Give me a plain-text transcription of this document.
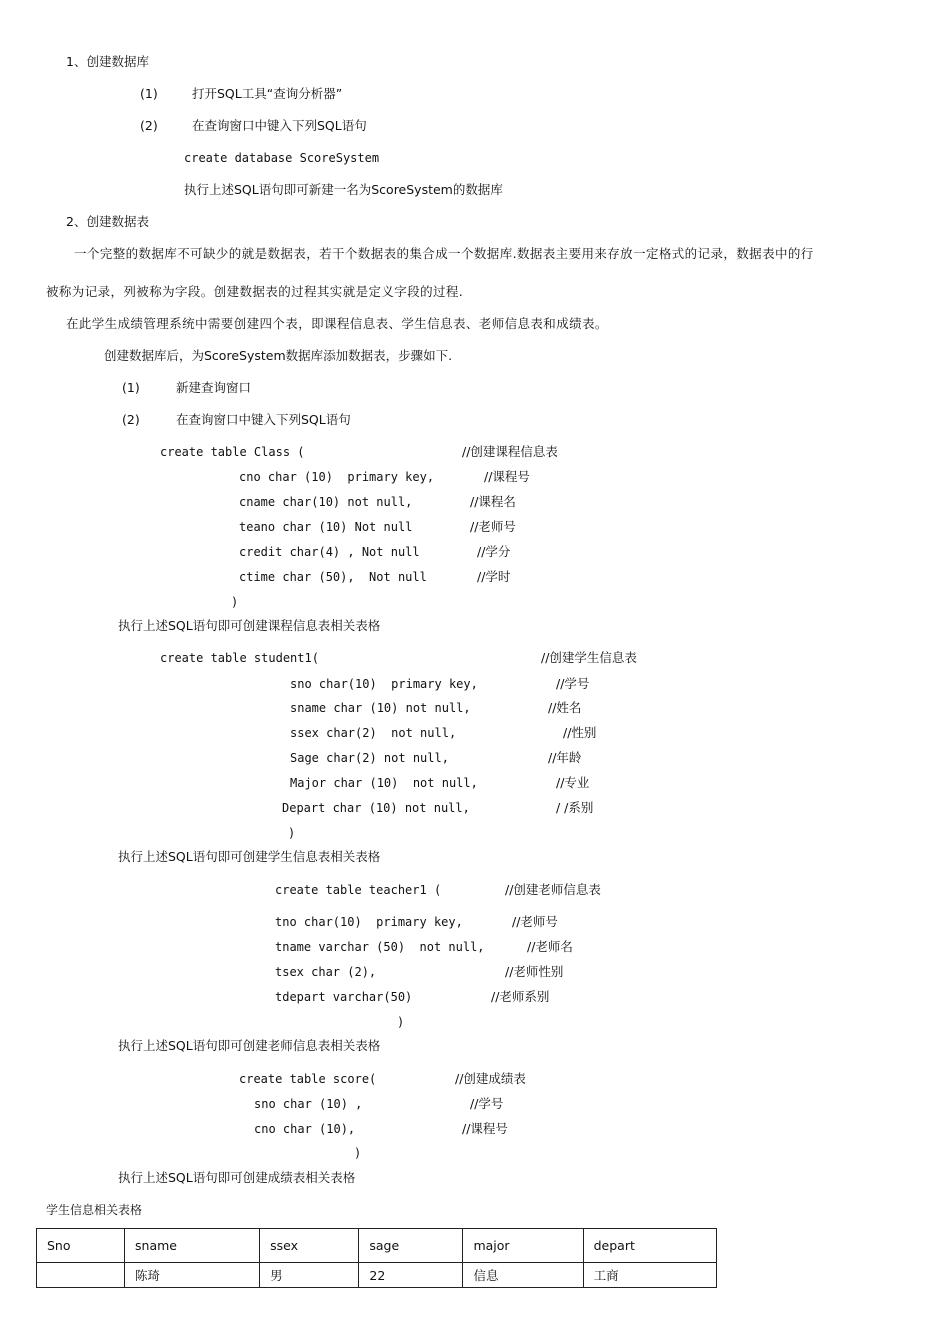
1、创建数据库
(1)	打开SQL工具“查询分析器”
(2)	在查询窗口中键入下列SQL语句
create database ScoreSystem
执行上述SQL语句即可新建一名为ScoreSystem的数据库
2、创建数据表
一个完整的数据库不可缺少的就是数据表，若干个数据表的集合成一个数据库.数据表主要用来存放一定格式的记录，数据表中的行
被称为记录，列被称为字段。创建数据表的过程其实就是定义字段的过程.
在此学生成绩管理系统中需要创建四个表，即课程信息表、学生信息表、老师信息表和成绩表。
创建数据库后，为ScoreSystem数据库添加数据表，步骤如下.
(1)	新建查询窗口
(2)	在查询窗口中键入下列SQL语句
create table Class (	//创建课程信息表
cno char (10)  primary key,	//课程号
cname char(10) not null,	//课程名
teano char (10) Not null	//老师号
credit char(4) , Not null	//学分
ctime char (50),  Not null	//学时
)
执行上述SQL语句即可创建课程信息表相关表格
create table student1(	//创建学生信息表
sno char(10)  primary key,	//学号
sname char (10) not null,	//姓名
ssex char(2)  not null,	//性别
Sage char(2) not null,	//年龄
Major char (10)  not null,	//专业
Depart char (10) not null,	/ /系别
)
执行上述SQL语句即可创建学生信息表相关表格
create table teacher1 (	//创建老师信息表
tno char(10)  primary key,	//老师号
tname varchar (50)  not null,	//老师名
tsex char (2),	//老师性别
tdepart varchar(50)	//老师系别
)
执行上述SQL语句即可创建老师信息表相关表格
create table score(	//创建成绩表
sno char (10) ,	//学号
cno char (10),	//课程号
)
执行上述SQL语句即可创建成绩表相关表格
学生信息相关表格
Sno	sname	ssex	sage	major	depart
	陈琦	男	22	信息	工商
